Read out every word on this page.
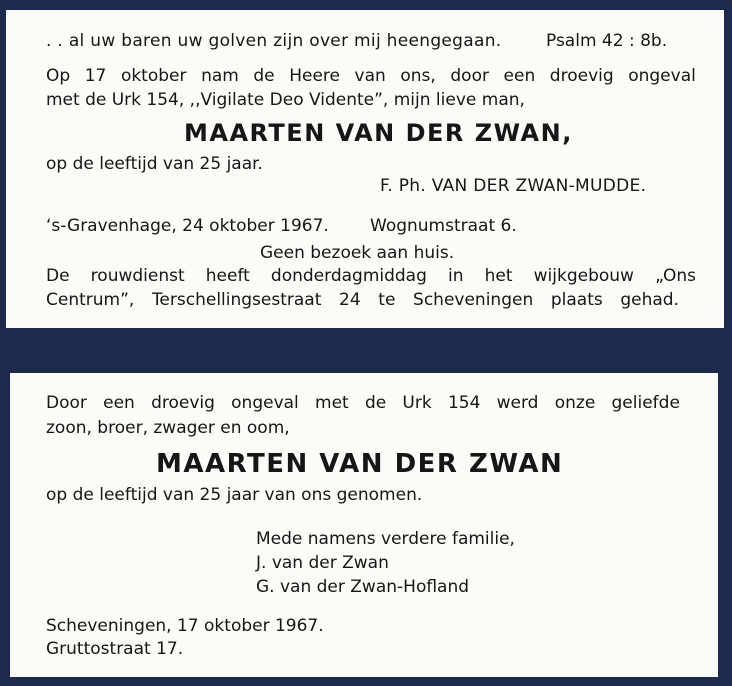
. . al uw baren uw golven zijn over mij heengegaan.	Psalm 42 : 8b.
Op 17 oktober nam de Heere van ons, door een droevig ongeval
met de Urk 154, ,,Vigilate Deo Vidente”, mijn lieve man,
MAARTEN VAN DER ZWAN,
op de leeftijd van 25 jaar.
F. Ph. VAN DER ZWAN-MUDDE.
‘s-Gravenhage, 24 oktober 1967. Wognumstraat 6.
Geen bezoek aan huis.
De rouwdienst heeft donderdagmiddag in het wijkgebouw „Ons
Centrum”, Terschellingsestraat 24 te Scheveningen plaats gehad.
Door een droevig ongeval met de Urk 154 werd onze geliefde
zoon, broer, zwager en oom,
MAARTEN VAN DER ZWAN
op de leeftijd van 25 jaar van ons genomen.
Mede namens verdere familie,
J. van der Zwan
G. van der Zwan-Hofland
Scheveningen, 17 oktober 1967.
Gruttostraat 17.
